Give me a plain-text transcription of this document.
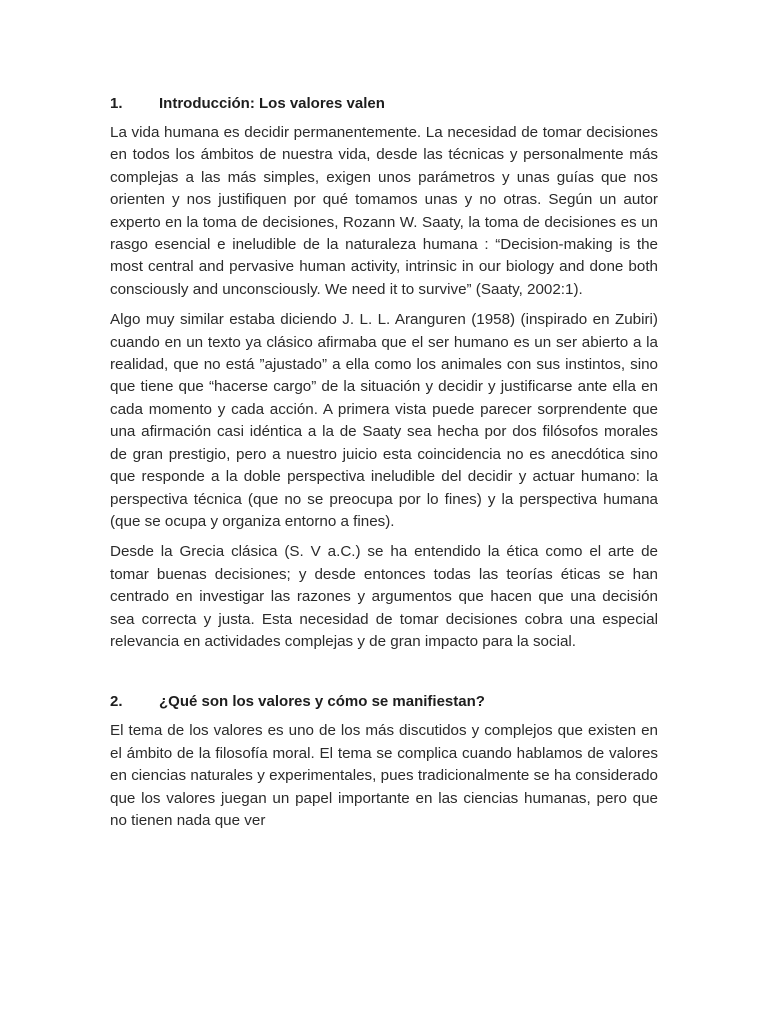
1.	Introducción: Los valores valen

La vida humana es decidir permanentemente. La necesidad de tomar decisiones en todos los ámbitos de nuestra vida, desde las técnicas y personalmente más complejas a las más simples, exigen unos parámetros y unas guías que nos orienten y nos justifiquen por qué tomamos unas y no otras. Según un autor experto en la toma de decisiones, Rozann W. Saaty, la toma de decisiones es un rasgo esencial e ineludible de la naturaleza humana : “Decision-making is the most central and pervasive human activity, intrinsic in our biology and done both consciously and unconsciously. We need it to survive” (Saaty, 2002:1).

Algo muy similar estaba diciendo J. L. L. Aranguren (1958) (inspirado en Zubiri) cuando en un texto ya clásico afirmaba que el ser humano es un ser abierto a la realidad, que no está ”ajustado” a ella como los animales con sus instintos, sino que tiene que “hacerse cargo” de la situación y decidir y justificarse ante ella en cada momento y cada acción. A primera vista puede parecer sorprendente que una afirmación casi idéntica a la de Saaty sea hecha por dos filósofos morales de gran prestigio, pero a nuestro juicio esta coincidencia no es anecdótica sino que responde a la doble perspectiva ineludible del decidir y actuar humano: la perspectiva técnica (que no se preocupa por lo fines) y la perspectiva humana (que se ocupa y organiza entorno a fines).

Desde la Grecia clásica (S. V a.C.) se ha entendido la ética como el arte de tomar buenas decisiones; y desde entonces todas las teorías éticas se han centrado en investigar las razones y argumentos que hacen que una decisión sea correcta y justa. Esta necesidad de tomar decisiones cobra una especial relevancia en actividades complejas y de gran impacto para la social.

2.	¿Qué son los valores y cómo se manifiestan?

El tema de los valores es uno de los más discutidos y complejos que existen en el ámbito de la filosofía moral. El tema se complica cuando hablamos de valores en ciencias naturales y experimentales, pues tradicionalmente se ha considerado que los valores juegan un papel importante en las ciencias humanas, pero que no tienen nada que ver
